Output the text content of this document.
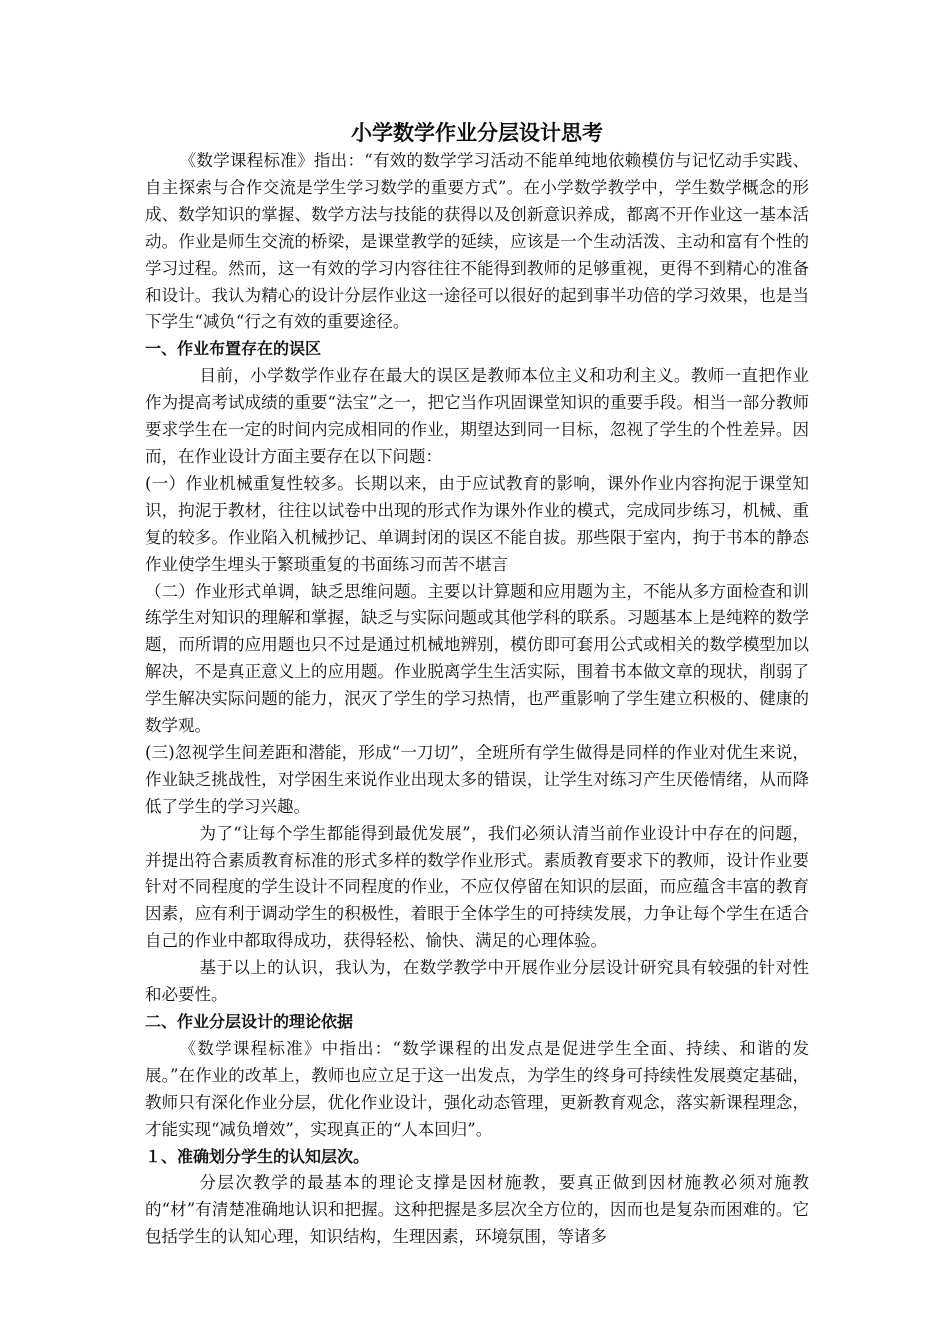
小学数学作业分层设计思考

《数学课程标准》指出：“有效的数学学习活动不能单纯地依赖模仿与记忆动手实践、自主探索与合作交流是学生学习数学的重要方式”。在小学数学教学中，学生数学概念的形成、数学知识的掌握、数学方法与技能的获得以及创新意识养成，都离不开作业这一基本活动。作业是师生交流的桥梁，是课堂教学的延续，应该是一个生动活泼、主动和富有个性的学习过程。然而，这一有效的学习内容往往不能得到教师的足够重视，更得不到精心的准备和设计。我认为精心的设计分层作业这一途径可以很好的起到事半功倍的学习效果，也是当下学生“减负“行之有效的重要途径。

一、作业布置存在的误区

目前，小学数学作业存在最大的误区是教师本位主义和功利主义。教师一直把作业作为提高考试成绩的重要“法宝”之一，把它当作巩固课堂知识的重要手段。相当一部分教师要求学生在一定的时间内完成相同的作业，期望达到同一目标，忽视了学生的个性差异。因而，在作业设计方面主要存在以下问题：

(一）作业机械重复性较多。长期以来，由于应试教育的影响，课外作业内容拘泥于课堂知识，拘泥于教材，往往以试卷中出现的形式作为课外作业的模式，完成同步练习，机械、重复的较多。作业陷入机械抄记、单调封闭的误区不能自拔。那些限于室内，拘于书本的静态作业使学生埋头于繁琐重复的书面练习而苦不堪言

（二）作业形式单调，缺乏思维问题。主要以计算题和应用题为主，不能从多方面检查和训练学生对知识的理解和掌握，缺乏与实际问题或其他学科的联系。习题基本上是纯粹的数学题，而所谓的应用题也只不过是通过机械地辨别，模仿即可套用公式或相关的数学模型加以解决，不是真正意义上的应用题。作业脱离学生生活实际，围着书本做文章的现状，削弱了学生解决实际问题的能力，泯灭了学生的学习热情，也严重影响了学生建立积极的、健康的数学观。

(三)忽视学生间差距和潜能，形成“一刀切”，全班所有学生做得是同样的作业对优生来说，作业缺乏挑战性，对学困生来说作业出现太多的错误，让学生对练习产生厌倦情绪，从而降低了学生的学习兴趣。

为了“让每个学生都能得到最优发展”，我们必须认清当前作业设计中存在的问题，并提出符合素质教育标准的形式多样的数学作业形式。素质教育要求下的教师，设计作业要针对不同程度的学生设计不同程度的作业，不应仅停留在知识的层面，而应蕴含丰富的教育因素，应有利于调动学生的积极性，着眼于全体学生的可持续发展，力争让每个学生在适合自己的作业中都取得成功，获得轻松、愉快、满足的心理体验。

基于以上的认识，我认为，在数学教学中开展作业分层设计研究具有较强的针对性和必要性。

二、作业分层设计的理论依据

《数学课程标准》中指出：“数学课程的出发点是促进学生全面、持续、和谐的发展。”在作业的改革上，教师也应立足于这一出发点，为学生的终身可持续性发展奠定基础，教师只有深化作业分层，优化作业设计，强化动态管理，更新教育观念，落实新课程理念，才能实现“减负增效”，实现真正的“人本回归”。

１、准确划分学生的认知层次。

分层次教学的最基本的理论支撑是因材施教，要真正做到因材施教必须对施教的“材”有清楚准确地认识和把握。这种把握是多层次全方位的，因而也是复杂而困难的。它包括学生的认知心理，知识结构，生理因素，环境氛围，等诸多
